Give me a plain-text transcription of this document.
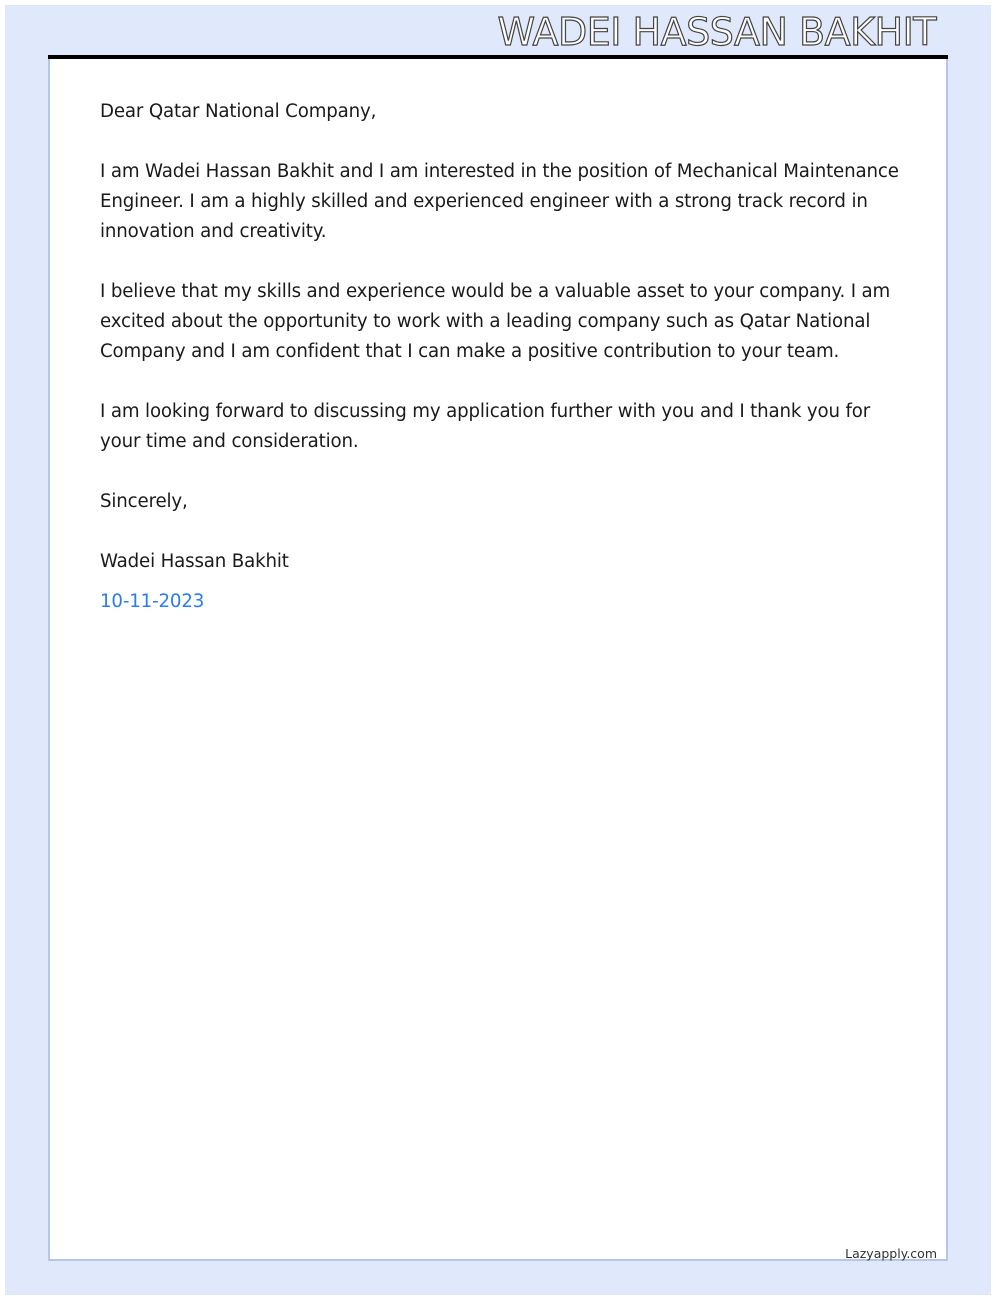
WADEI HASSAN BAKHIT

Dear Qatar National Company,

I am Wadei Hassan Bakhit and I am interested in the position of Mechanical Maintenance Engineer. I am a highly skilled and experienced engineer with a strong track record in innovation and creativity.

I believe that my skills and experience would be a valuable asset to your company. I am excited about the opportunity to work with a leading company such as Qatar National Company and I am confident that I can make a positive contribution to your team.

I am looking forward to discussing my application further with you and I thank you for your time and consideration.

Sincerely,

Wadei Hassan Bakhit

10-11-2023

Lazyapply.com
